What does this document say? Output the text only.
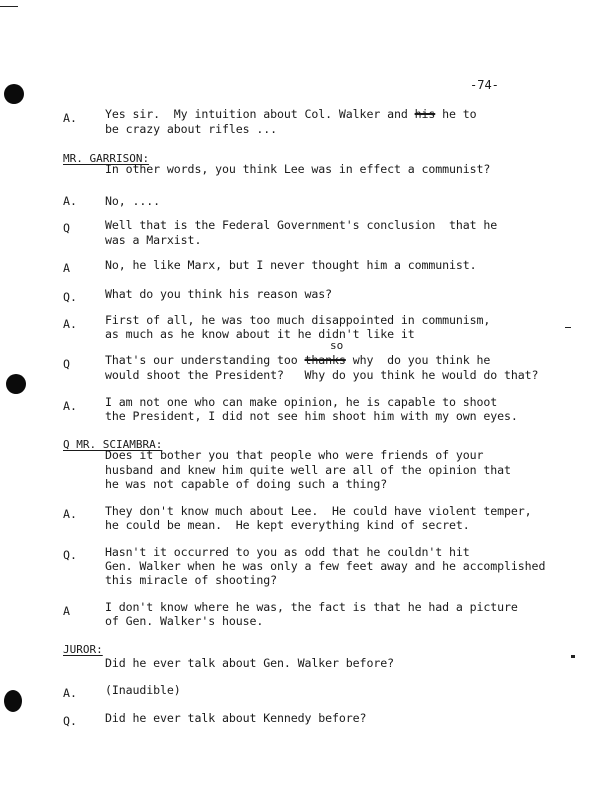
-74-
A. Yes sir.  My intuition about Col. Walker and his he to
be crazy about rifles ...
MR. GARRISON:
In other words, you think Lee was in effect a communist?
A. No, ....
Q	Well that is the Federal Government's conclusion  that he
was a Marxist.
A	No, he like Marx, but I never thought him a communist.
Q. What do you think his reason was?
A. First of all, he was too much disappointed in communism,
as much as he know about it he didn't like it
so
Q	That's our understanding too thanks why  do you think he
would shoot the President?   Why do you think he would do that?
A. I am not one who can make opinion, he is capable to shoot
the President, I did not see him shoot him with my own eyes.
Q MR. SCIAMBRA:
Does it bother you that people who were friends of your
husband and knew him quite well are all of the opinion that
he was not capable of doing such a thing?
A. They don't know much about Lee.  He could have violent temper,
he could be mean.  He kept everything kind of secret.
Q. Hasn't it occurred to you as odd that he couldn't hit
Gen. Walker when he was only a few feet away and he accomplished
this miracle of shooting?
A	I don't know where he was, the fact is that he had a picture
of Gen. Walker's house.
JUROR:
Did he ever talk about Gen. Walker before?
A. (Inaudible)
Q. Did he ever talk about Kennedy before?
